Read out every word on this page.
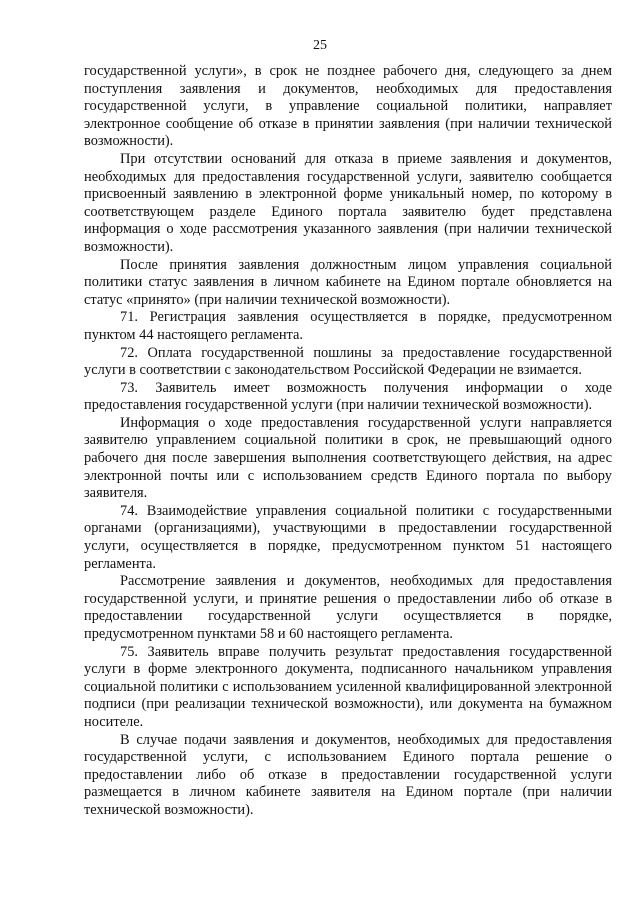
25

государственной услуги», в срок не позднее рабочего дня, следующего за днем поступления заявления и документов, необходимых для предоставления государственной услуги, в управление социальной политики, направляет электронное сообщение об отказе в принятии заявления (при наличии технической возможности).

При отсутствии оснований для отказа в приеме заявления и документов, необходимых для предоставления государственной услуги, заявителю сообщается присвоенный заявлению в электронной форме уникальный номер, по которому в соответствующем разделе Единого портала заявителю будет представлена информация о ходе рассмотрения указанного заявления (при наличии технической возможности).

После принятия заявления должностным лицом управления социальной политики статус заявления в личном кабинете на Едином портале обновляется на статус «принято» (при наличии технической возможности).

71. Регистрация заявления осуществляется в порядке, предусмотренном пунктом 44 настоящего регламента.

72. Оплата государственной пошлины за предоставление государственной услуги в соответствии с законодательством Российской Федерации не взимается.

73. Заявитель имеет возможность получения информации о ходе предоставления государственной услуги (при наличии технической возможности).

Информация о ходе предоставления государственной услуги направляется заявителю управлением социальной политики в срок, не превышающий одного рабочего дня после завершения выполнения соответствующего действия, на адрес электронной почты или с использованием средств Единого портала по выбору заявителя.

74. Взаимодействие управления социальной политики с государственными органами (организациями), участвующими в предоставлении государственной услуги, осуществляется в порядке, предусмотренном пунктом 51 настоящего регламента.

Рассмотрение заявления и документов, необходимых для предоставления государственной услуги, и принятие решения о предоставлении либо об отказе в предоставлении государственной услуги осуществляется в порядке, предусмотренном пунктами 58 и 60 настоящего регламента.

75. Заявитель вправе получить результат предоставления государственной услуги в форме электронного документа, подписанного начальником управления социальной политики с использованием усиленной квалифицированной электронной подписи (при реализации технической возможности), или документа на бумажном носителе.

В случае подачи заявления и документов, необходимых для предоставления государственной услуги, с использованием Единого портала решение о предоставлении либо об отказе в предоставлении государственной услуги размещается в личном кабинете заявителя на Едином портале (при наличии технической возможности).
